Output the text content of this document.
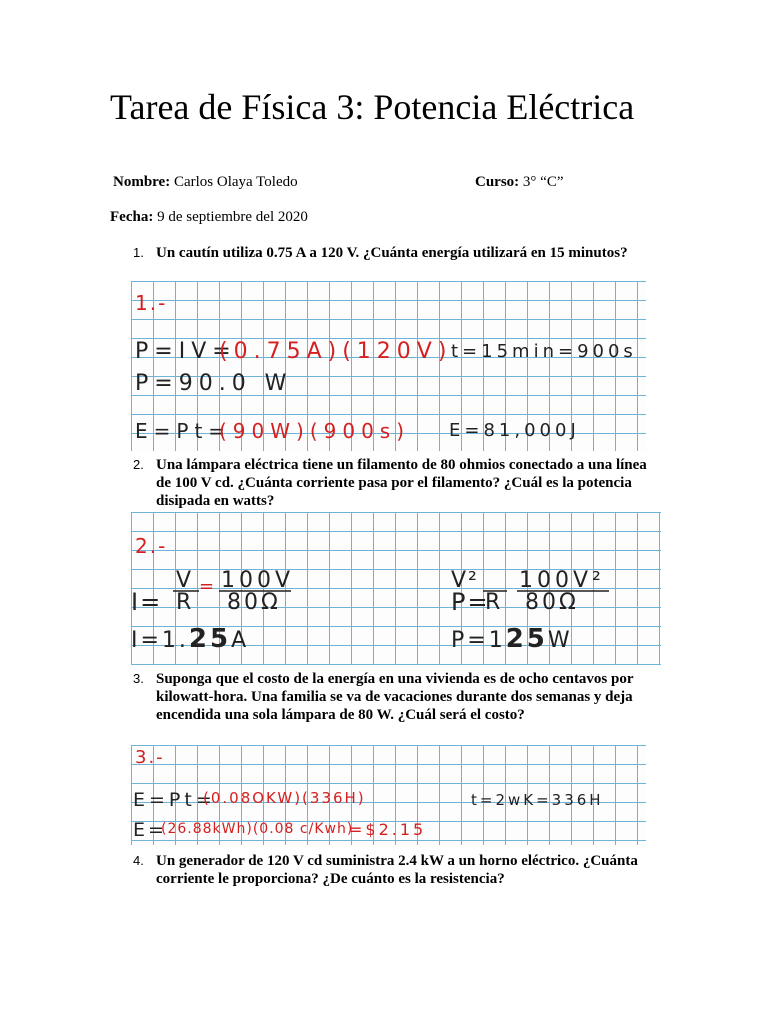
Tarea de Física 3: Potencia Eléctrica
Nombre: Carlos Olaya Toledo	Curso: 3° “C”
Fecha: 9 de septiembre del 2020
1. Un cautín utiliza 0.75 A a 120 V. ¿Cuánta energía utilizará en 15 minutos?
1.-
P=IV=
(0.75A)(120V)
t=15min=900s
P=90.0 W
E=Pt=
(90W)(900s) E=81,000J
2. Una lámpara eléctrica tiene un filamento de 80 ohmios conectado a una línea de 100 V cd. ¿Cuánta corriente pasa por el filamento? ¿Cuál es la potencia disipada en watts?
2.-
V = 100V
I= R 80Ω
I=1.25A
V² 100V²
P=
R 80Ω
P=125W
3. Suponga que el costo de la energía en una vivienda es de ocho centavos por kilowatt-hora. Una familia se va de vacaciones durante dos semanas y deja encendida una sola lámpara de 80 W. ¿Cuál será el costo?
3.-
E=Pt=
(0.08OKW)(336H)	t=2wK=336H
E=
(26.88kWh)(0.08 c/Kwh)
=$2.15
4. Un generador de 120 V cd suministra 2.4 kW a un horno eléctrico. ¿Cuánta corriente le proporciona? ¿De cuánto es la resistencia?
